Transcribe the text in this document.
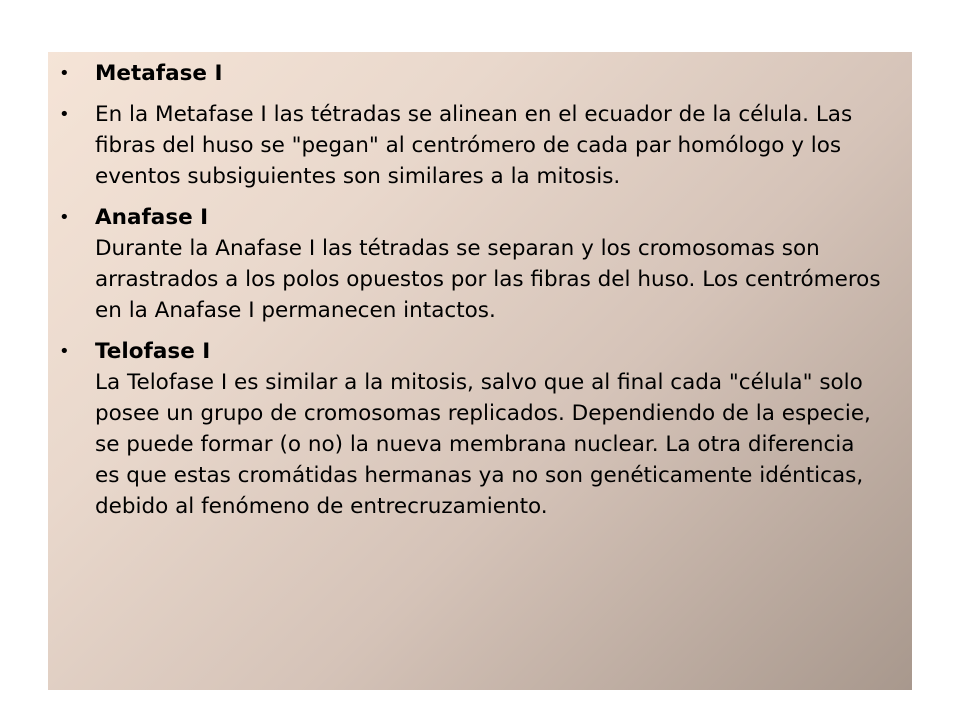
• Metafase I
• En la Metafase I las tétradas se alinean en el ecuador de la célula. Las fibras del huso se "pegan" al centrómero de cada par homólogo y los eventos subsiguientes son similares a la mitosis.
• Anafase I
Durante la Anafase I las tétradas se separan y los cromosomas son arrastrados a los polos opuestos por las fibras del huso. Los centrómeros en la Anafase I permanecen intactos.
• Telofase I
La Telofase I es similar a la mitosis, salvo que al final cada "célula" solo posee un grupo de cromosomas replicados. Dependiendo de la especie, se puede formar (o no) la nueva membrana nuclear. La otra diferencia es que estas cromátidas hermanas ya no son genéticamente idénticas, debido al fenómeno de entrecruzamiento.
